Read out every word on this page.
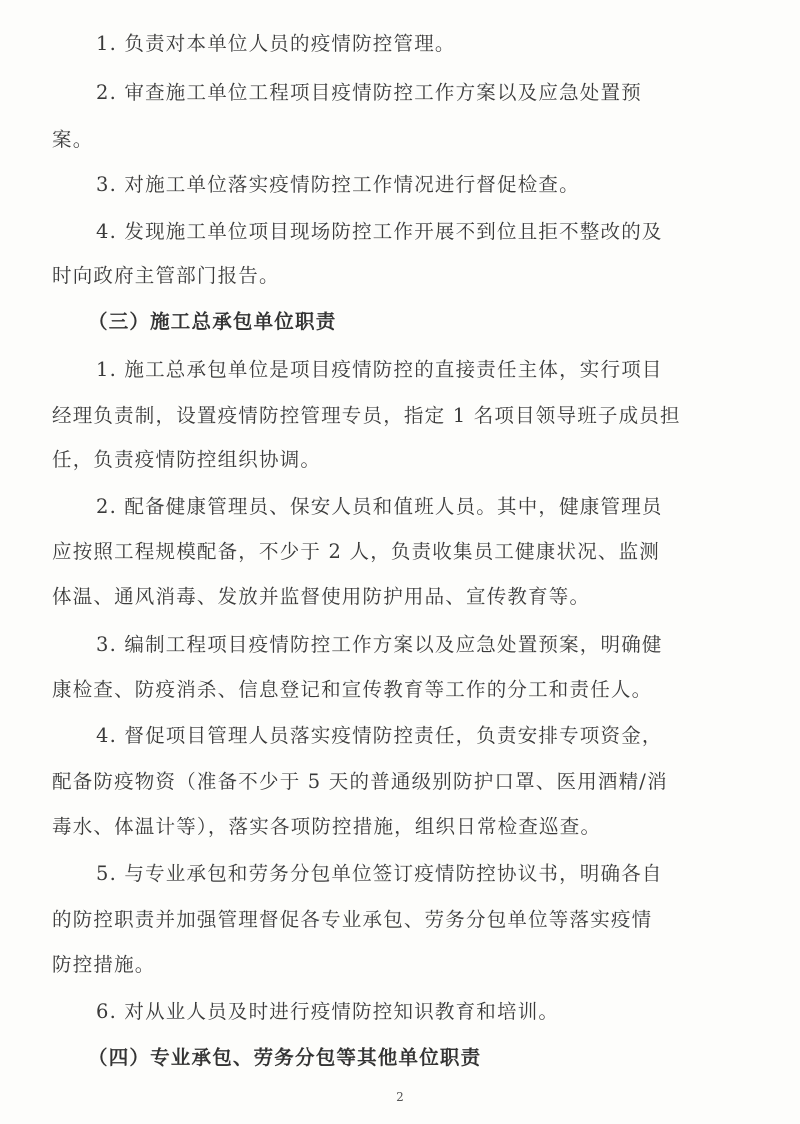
1. 负责对本单位人员的疫情防控管理。
2. 审查施工单位工程项目疫情防控工作方案以及应急处置预
案。
3. 对施工单位落实疫情防控工作情况进行督促检查。
4. 发现施工单位项目现场防控工作开展不到位且拒不整改的及
时向政府主管部门报告。
（三）施工总承包单位职责
1. 施工总承包单位是项目疫情防控的直接责任主体，实行项目
经理负责制，设置疫情防控管理专员，指定 1 名项目领导班子成员担
任，负责疫情防控组织协调。
2. 配备健康管理员、保安人员和值班人员。其中，健康管理员
应按照工程规模配备，不少于 2 人，负责收集员工健康状况、监测
体温、通风消毒、发放并监督使用防护用品、宣传教育等。
3. 编制工程项目疫情防控工作方案以及应急处置预案，明确健
康检查、防疫消杀、信息登记和宣传教育等工作的分工和责任人。
4. 督促项目管理人员落实疫情防控责任，负责安排专项资金，
配备防疫物资（准备不少于 5 天的普通级别防护口罩、医用酒精/消
毒水、体温计等），落实各项防控措施，组织日常检查巡查。
5. 与专业承包和劳务分包单位签订疫情防控协议书，明确各自
的防控职责并加强管理督促各专业承包、劳务分包单位等落实疫情
防控措施。
6. 对从业人员及时进行疫情防控知识教育和培训。
（四）专业承包、劳务分包等其他单位职责
2
